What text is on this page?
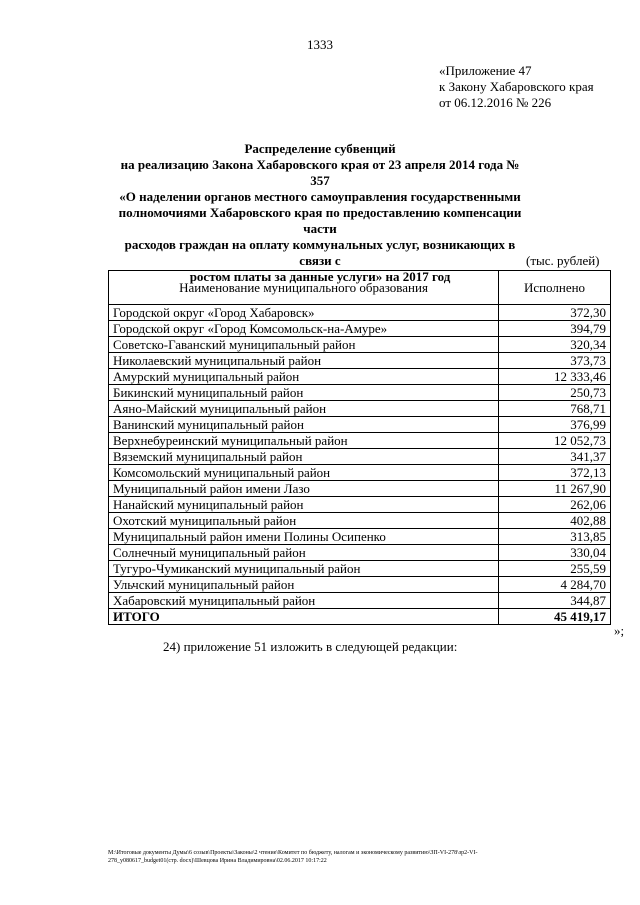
1333
«Приложение 47
к Закону Хабаровского края
от 06.12.2016 № 226
Распределение субвенций
на реализацию Закона Хабаровского края от 23 апреля 2014 года № 357
«О наделении органов местного самоуправления государственными
полномочиями Хабаровского края по предоставлению компенсации части
расходов граждан на оплату коммунальных услуг, возникающих в связи с
ростом платы за данные услуги» на 2017 год
(тыс. рублей)
Наименование муниципального образования	Исполнено
Городской округ «Город Хабаровск»	372,30
Городской округ «Город Комсомольск-на-Амуре»	394,79
Советско-Гаванский муниципальный район	320,34
Николаевский муниципальный район	373,73
Амурский муниципальный район	12 333,46
Бикинский муниципальный район	250,73
Аяно-Майский муниципальный район	768,71
Ванинский муниципальный район	376,99
Верхнебуреинский муниципальный район	12 052,73
Вяземский муниципальный район	341,37
Комсомольский муниципальный район	372,13
Муниципальный район имени Лазо	11 267,90
Нанайский муниципальный район	262,06
Охотский муниципальный район	402,88
Муниципальный район имени Полины Осипенко	313,85
Солнечный муниципальный район	330,04
Тугуро-Чумиканский муниципальный район	255,59
Ульчский муниципальный район	4 284,70
Хабаровский муниципальный район	344,87
ИТОГО	45 419,17
»;
24) приложение 51 изложить в следующей редакции:
М:\Итоговые документы Думы\6 созыв\Проекты\Законы\2 чтение\Комитет по бюджету, налогам и экономическому развитию\ЗП-VI-278\зр2-VI-
278_у080617_budget01(стр. docx)\Шевцова Ирина Владимировна\02.06.2017 10:17:22
